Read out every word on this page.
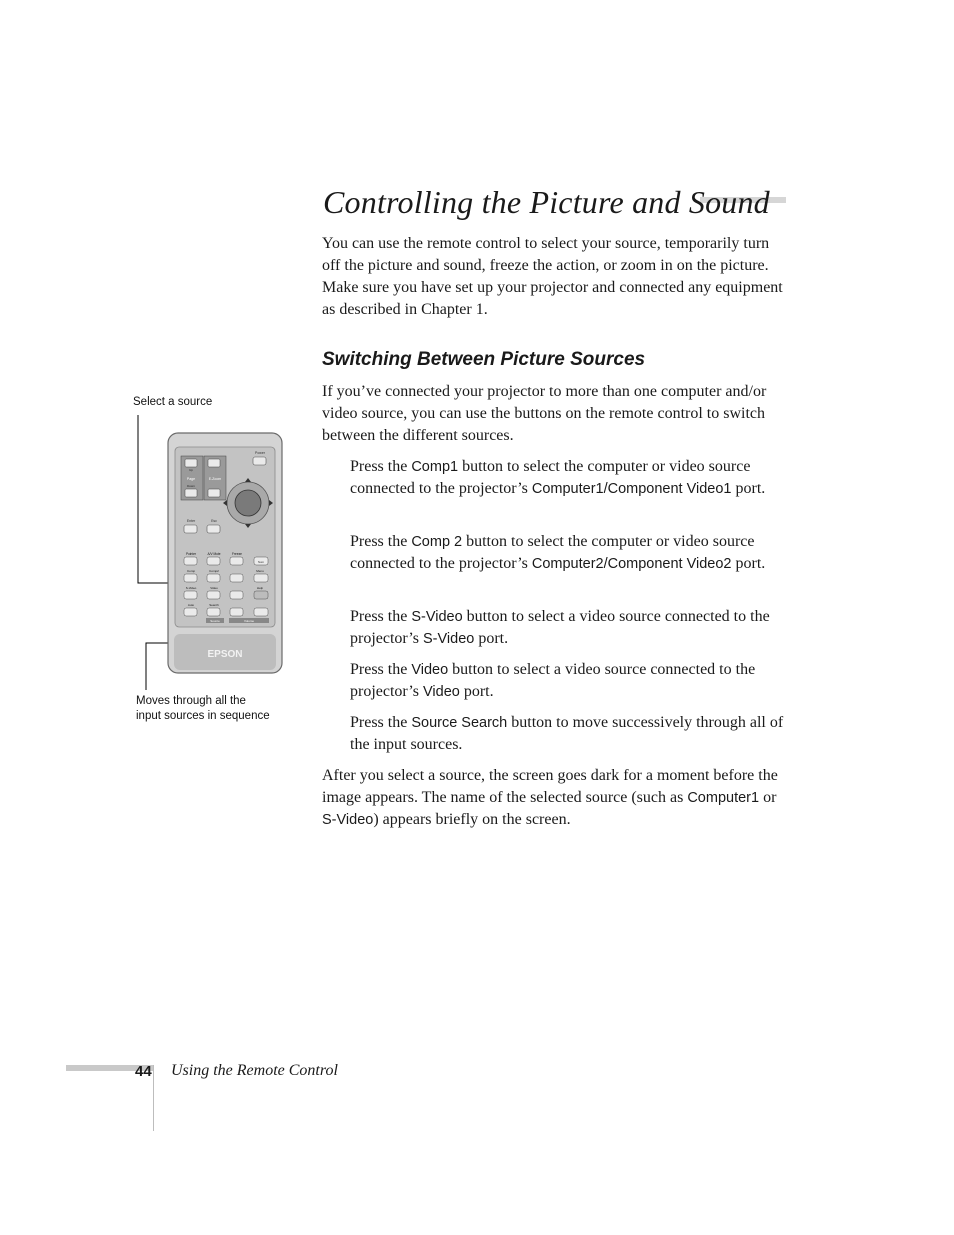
Controlling the Picture and Sound

You can use the remote control to select your source, temporarily turn off the picture and sound, freeze the action, or zoom in on the picture. Make sure you have set up your projector and connected any equipment as described in Chapter 1.

Switching Between Picture Sources

If you’ve connected your projector to more than one computer and/or video source, you can use the buttons on the remote control to switch between the different sources.

Press the Comp1 button to select the computer or video source connected to the projector’s Computer1/Component Video1 port.

Press the Comp 2 button to select the computer or video source connected to the projector’s Computer2/Component Video2 port.

Press the S-Video button to select a video source connected to the projector’s S-Video port.

Press the Video button to select a video source connected to the projector’s Video port.

Press the Source Search button to move successively through all of the input sources.

After you select a source, the screen goes dark for a moment before the image appears. The name of the selected source (such as Computer1 or S-Video) appears briefly on the screen.

Select a source

Moves through all the
input sources in sequence

EPSON
Power
Up
Page	E-Zoom
Down
Enter	Esc
Pointer	A/V Mute	Freeze
Num
Comp	Comp2	Menu
S-Video	Video	Help
Auto	Search
Source	Volume
44 Using the Remote Control
